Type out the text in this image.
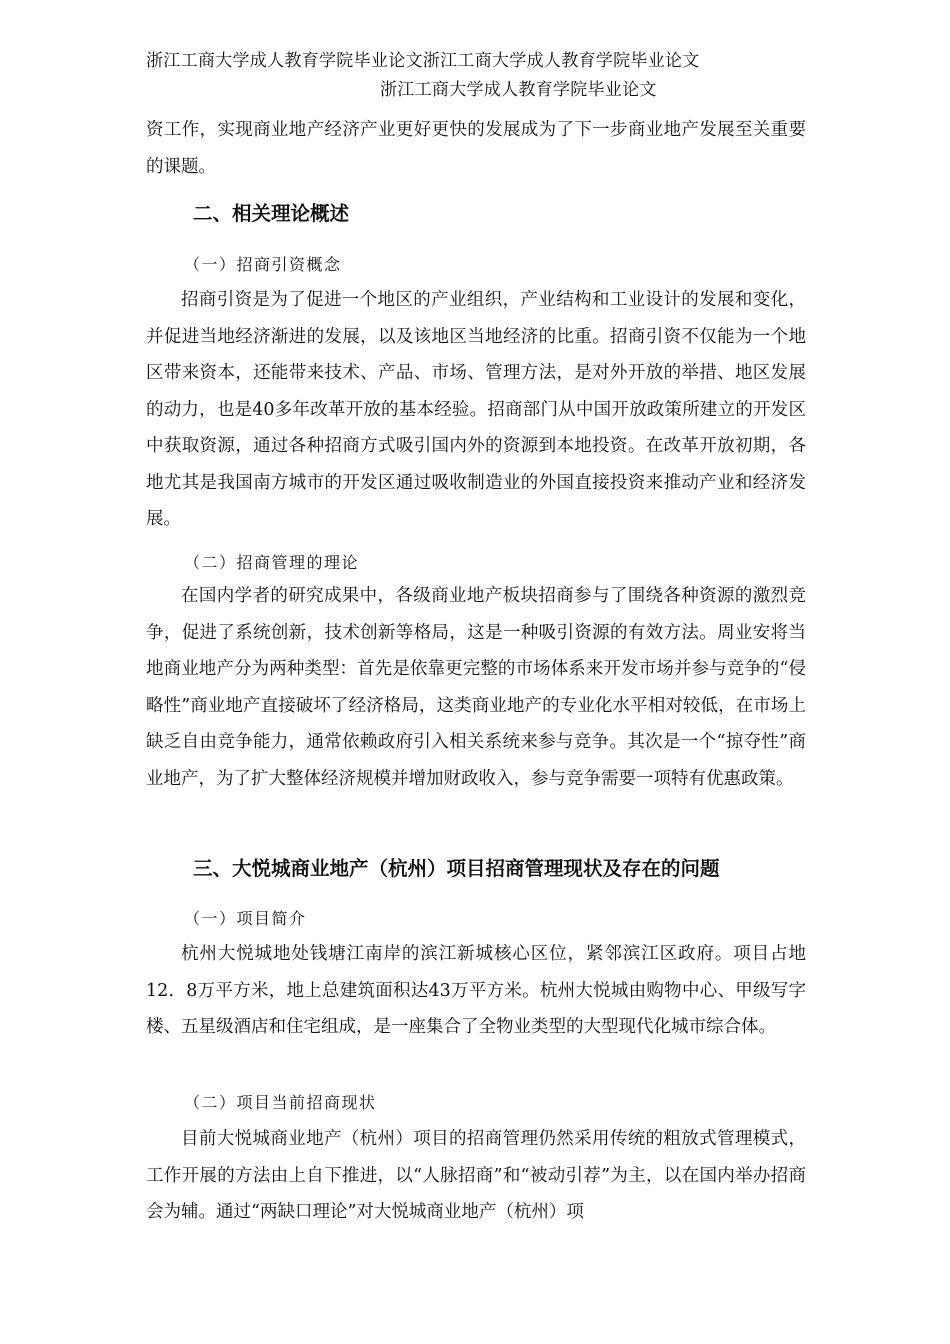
浙江工商大学成人教育学院毕业论文浙江工商大学成人教育学院毕业论文
浙江工商大学成人教育学院毕业论文

资工作，实现商业地产经济产业更好更快的发展成为了下一步商业地产发展至关重要的课题。

二、相关理论概述
（一）招商引资概念

招商引资是为了促进一个地区的产业组织，产业结构和工业设计的发展和变化，并促进当地经济渐进的发展，以及该地区当地经济的比重。招商引资不仅能为一个地区带来资本，还能带来技术、产品、市场、管理方法，是对外开放的举措、地区发展的动力，也是40多年改革开放的基本经验。招商部门从中国开放政策所建立的开发区中获取资源，通过各种招商方式吸引国内外的资源到本地投资。在改革开放初期，各地尤其是我国南方城市的开发区通过吸收制造业的外国直接投资来推动产业和经济发展。

（二）招商管理的理论

在国内学者的研究成果中，各级商业地产板块招商参与了围绕各种资源的激烈竞争，促进了系统创新，技术创新等格局，这是一种吸引资源的有效方法。周业安将当地商业地产分为两种类型：首先是依靠更完整的市场体系来开发市场并参与竞争的“侵略性”商业地产直接破坏了经济格局，这类商业地产的专业化水平相对较低，在市场上缺乏自由竞争能力，通常依赖政府引入相关系统来参与竞争。其次是一个“掠夺性”商业地产，为了扩大整体经济规模并增加财政收入，参与竞争需要一项特有优惠政策。

三、大悦城商业地产（杭州）项目招商管理现状及存在的问题
（一）项目简介

杭州大悦城地处钱塘江南岸的滨江新城核心区位，紧邻滨江区政府。项目占地12．8万平方米，地上总建筑面积达43万平方米。杭州大悦城由购物中心、甲级写字楼、五星级酒店和住宅组成，是一座集合了全物业类型的大型现代化城市综合体。

（二）项目当前招商现状

目前大悦城商业地产（杭州）项目的招商管理仍然采用传统的粗放式管理模式，工作开展的方法由上自下推进，以“人脉招商”和“被动引荐”为主，以在国内举办招商会为辅。通过“两缺口理论”对大悦城商业地产（杭州）项
